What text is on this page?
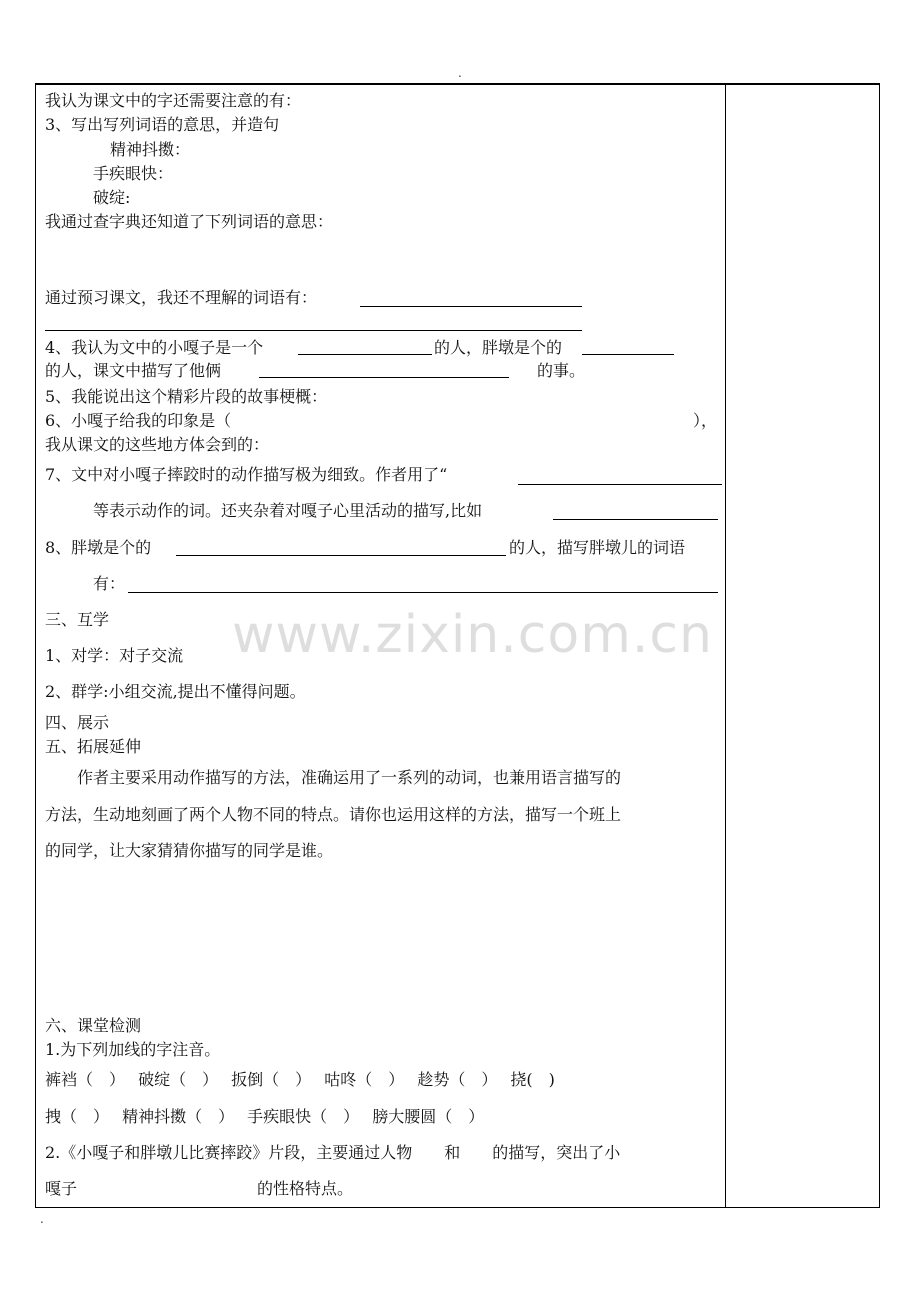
.
我认为课文中的字还需要注意的有：
3、写出写列词语的意思，并造句
精神抖擞：
手疾眼快：
破绽:
我通过查字典还知道了下列词语的意思：
通过预习课文，我还不理解的词语有：
4、我认为文中的小嘎子是一个	的人，胖墩是个的
的人，课文中描写了他俩	的事。
5、我能说出这个精彩片段的故事梗概：
6、小嘎子给我的印象是（	），
我从课文的这些地方体会到的：
7、文中对小嘎子摔跤时的动作描写极为细致。作者用了“
等表示动作的词。还夹杂着对嘎子心里活动的描写,比如
8、胖墩是个的	的人，描写胖墩儿的词语
有：
三、互学
1、对学：对子交流
2、群学:小组交流,提出不懂得问题。
四、展示
五、拓展延伸
作者主要采用动作描写的方法，准确运用了一系列的动词，也兼用语言描写的
方法，生动地刻画了两个人物不同的特点。请你也运用这样的方法，描写一个班上
的同学，让大家猜猜你描写的同学是谁。
六、课堂检测
1.为下列加线的字注音。
裤裆（　）　 破绽（　）　 扳倒（　）　 咕咚（　）　 趁势（　）　 挠(　)
拽（　）　 精神抖擞（　）　 手疾眼快（　）　 膀大腰圆（　）
2.《小嘎子和胖墩儿比赛摔跤》片段，主要通过人物　　和　　的描写，突出了小
嘎子	的性格特点。
www.zixin.com.cn
.
